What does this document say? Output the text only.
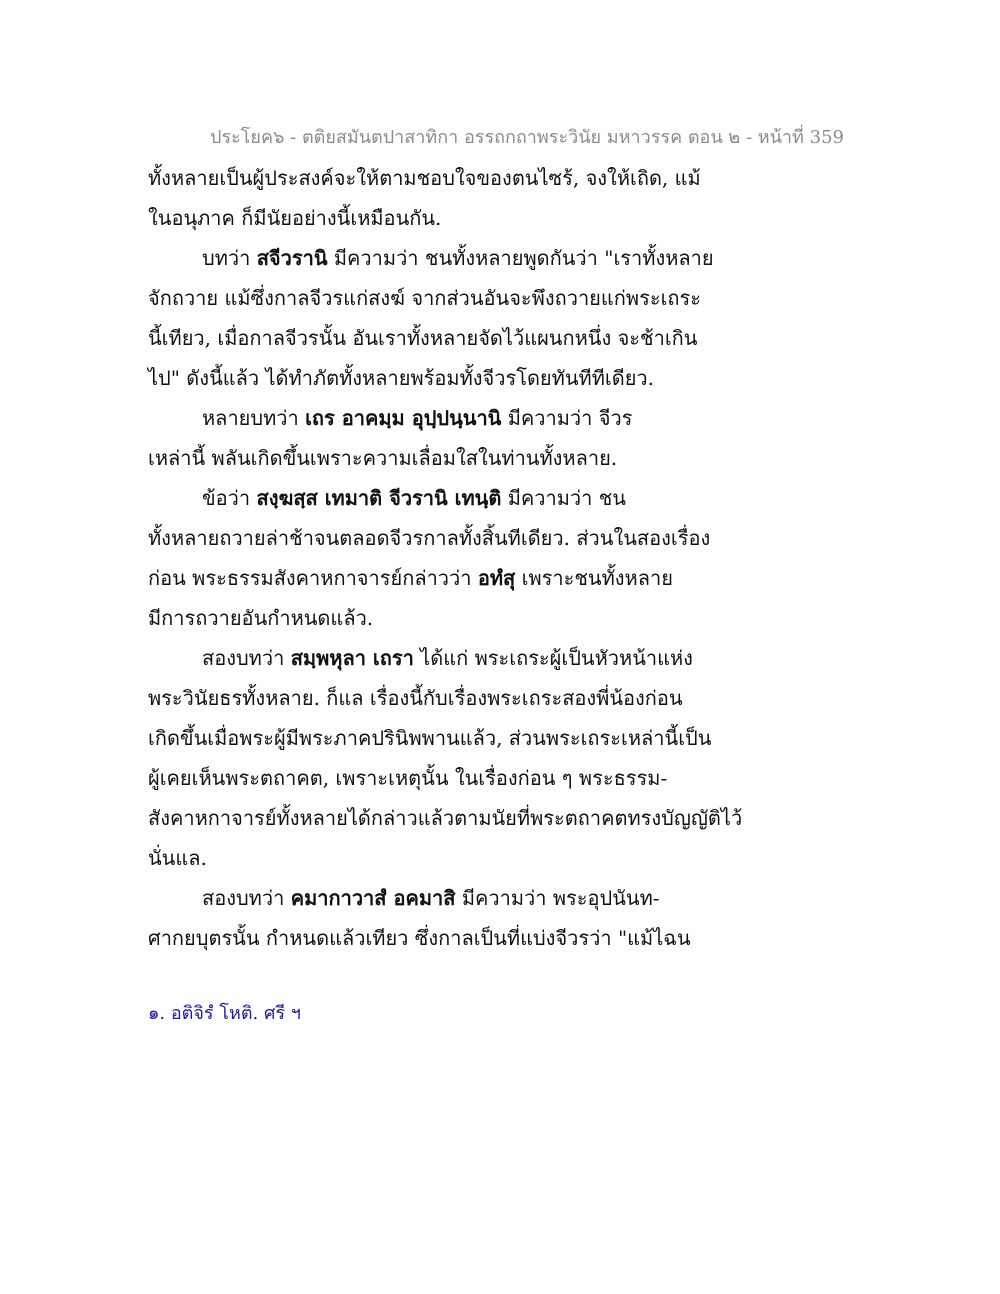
ประโยค๖ - ตติยสมันตปาสาทิกา อรรถกถาพระวินัย มหาวรรค ตอน ๒ - หน้าที่ 359
ทั้งหลายเป็นผู้ประสงค์จะให้ตามชอบใจของตนไซร้, จงให้เถิด, แม้
ในอนุภาค ก็มีนัยอย่างนี้เหมือนกัน.
บทว่า สจีวรานิ มีความว่า ชนทั้งหลายพูดกันว่า "เราทั้งหลาย
จักถวาย แม้ซึ่งกาลจีวรแก่สงฆ์ จากส่วนอันจะพึงถวายแก่พระเถระ
นี้เทียว, เมื่อกาลจีวรนั้น อันเราทั้งหลายจัดไว้แผนกหนึ่ง จะช้าเกิน
ไป" ดังนี้แล้ว ได้ทำภัตทั้งหลายพร้อมทั้งจีวรโดยทันทีทีเดียว.
หลายบทว่า เถร อาคมฺม อุปฺปนฺนานิ มีความว่า จีวร
เหล่านี้ พลันเกิดขึ้นเพราะความเลื่อมใสในท่านทั้งหลาย.
ข้อว่า สงฺฆสฺส เทมาติ จีวรานิ เทนฺติ มีความว่า ชน
ทั้งหลายถวายล่าช้าจนตลอดจีวรกาลทั้งสิ้นทีเดียว. ส่วนในสองเรื่อง
ก่อน พระธรรมสังคาหกาจารย์กล่าวว่า อทํสุ เพราะชนทั้งหลาย
มีการถวายอันกำหนดแล้ว.
สองบทว่า สมฺพหุลา เถรา ได้แก่ พระเถระผู้เป็นหัวหน้าแห่ง
พระวินัยธรทั้งหลาย. ก็แล เรื่องนี้กับเรื่องพระเถระสองพี่น้องก่อน
เกิดขึ้นเมื่อพระผู้มีพระภาคปรินิพพานแล้ว, ส่วนพระเถระเหล่านี้เป็น
ผู้เคยเห็นพระตถาคต, เพราะเหตุนั้น ในเรื่องก่อน ๆ พระธรรม-
สังคาหกาจารย์ทั้งหลายได้กล่าวแล้วตามนัยที่พระตถาคตทรงบัญญัติไว้
นั่นแล.
สองบทว่า คมากาวาสํ อคมาสิ มีความว่า พระอุปนันท-
ศากยบุตรนั้น กำหนดแล้วเทียว ซึ่งกาลเป็นที่แบ่งจีวรว่า "แม้ไฉน
๑. อติจิรํ โหติ. ศรี ฯ
